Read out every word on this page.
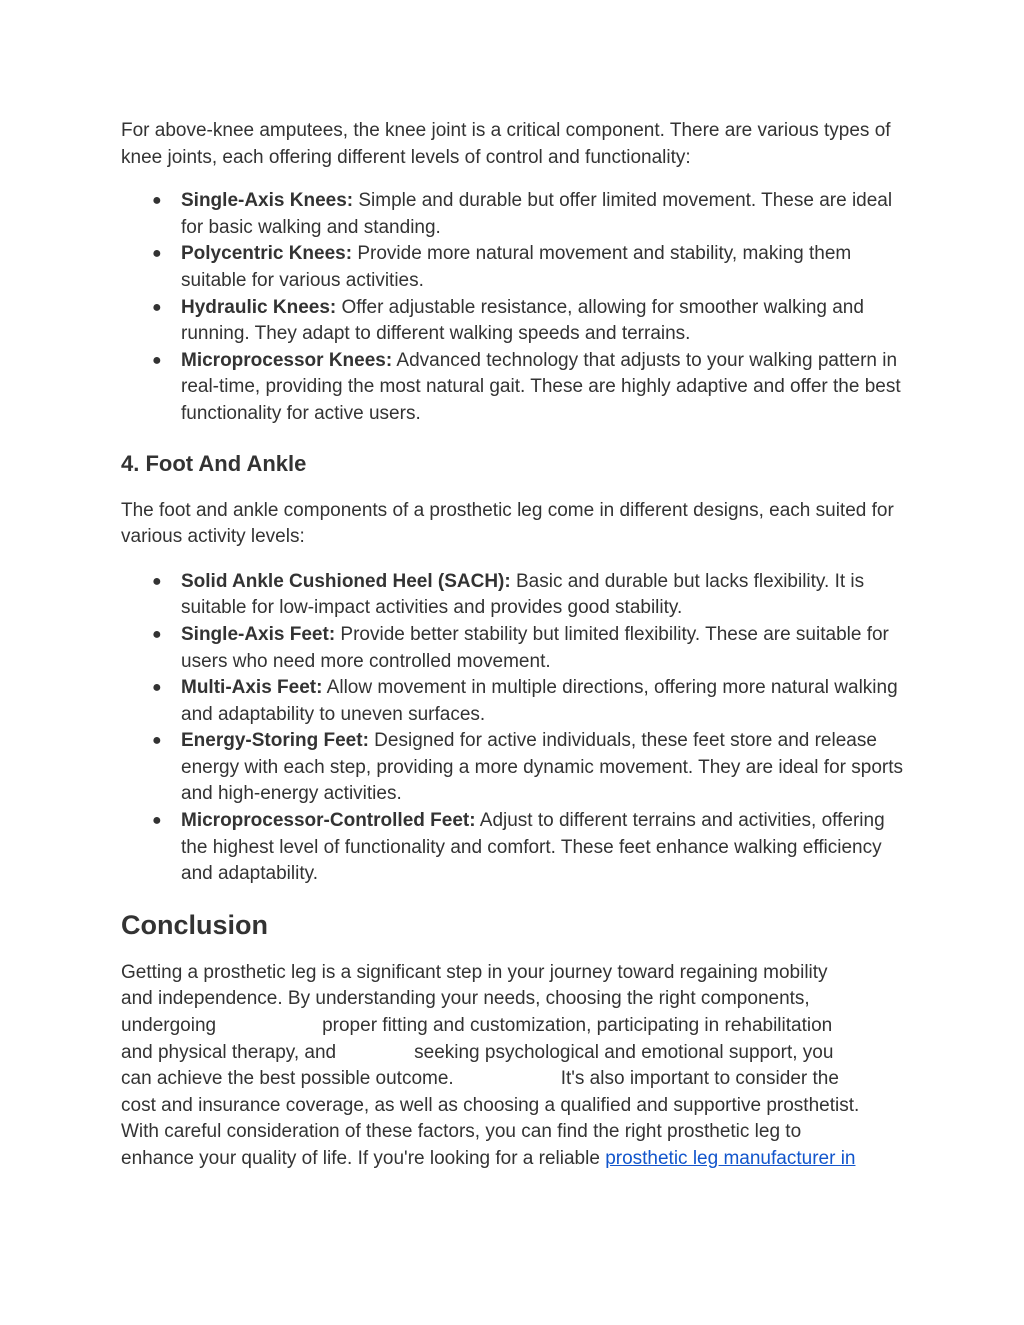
For above-knee amputees, the knee joint is a critical component. There are various types of knee joints, each offering different levels of control and functionality:

● Single-Axis Knees: Simple and durable but offer limited movement. These are ideal for basic walking and standing.
● Polycentric Knees: Provide more natural movement and stability, making them suitable for various activities.
● Hydraulic Knees: Offer adjustable resistance, allowing for smoother walking and running. They adapt to different walking speeds and terrains.
● Microprocessor Knees: Advanced technology that adjusts to your walking pattern in real-time, providing the most natural gait. These are highly adaptive and offer the best functionality for active users.
4. Foot And Ankle

The foot and ankle components of a prosthetic leg come in different designs, each suited for various activity levels:

● Solid Ankle Cushioned Heel (SACH): Basic and durable but lacks flexibility. It is suitable for low-impact activities and provides good stability.
● Single-Axis Feet: Provide better stability but limited flexibility. These are suitable for users who need more controlled movement.
● Multi-Axis Feet: Allow movement in multiple directions, offering more natural walking and adaptability to uneven surfaces.
● Energy-Storing Feet: Designed for active individuals, these feet store and release energy with each step, providing a more dynamic movement. They are ideal for sports and high-energy activities.
● Microprocessor-Controlled Feet: Adjust to different terrains and activities, offering the highest level of functionality and comfort. These feet enhance walking efficiency and adaptability.
Conclusion

Getting a prosthetic leg is a significant step in your journey toward regaining mobility
and independence. By understanding your needs, choosing the right components,
undergoing	proper fitting and customization, participating in rehabilitation
and physical therapy, and	seeking psychological and emotional support, you
can achieve the best possible outcome.	It's also important to consider the
cost and insurance coverage, as well as choosing a qualified and supportive prosthetist.
With careful consideration of these factors, you can find the right prosthetic leg to
enhance your quality of life. If you're looking for a reliable prosthetic leg manufacturer in
